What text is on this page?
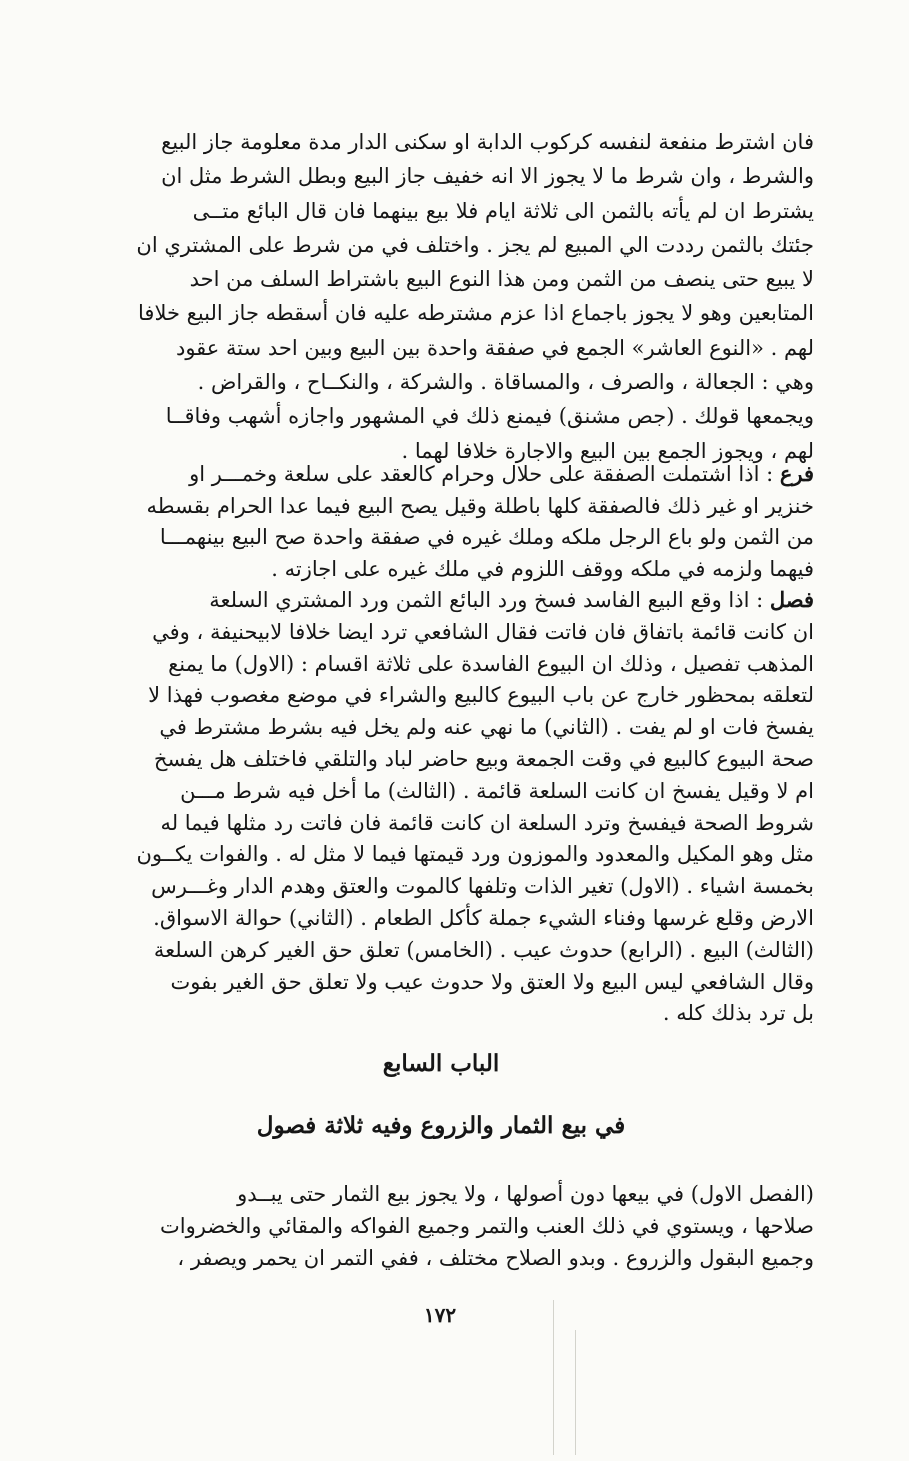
فان اشترط منفعة لنفسه كركوب الدابة او سكنى الدار مدة معلومة جاز البيع
والشرط ، وان شرط ما لا يجوز الا انه خفيف جاز البيع وبطل الشرط مثل ان
يشترط ان لم يأته بالثمن الى ثلاثة ايام فلا بيع بينهما فان قال البائع متــى
جئتك بالثمن رددت الي المبيع لم يجز . واختلف في من شرط على المشتري ان
لا يبيع حتى ينصف من الثمن ومن هذا النوع البيع باشتراط السلف من احد
المتابعين وهو لا يجوز باجماع اذا عزم مشترطه عليه فان أسقطه جاز البيع خلافا
لهم . «النوع العاشر» الجمع في صفقة واحدة بين البيع وبين احد ستة عقود
وهي : الجعالة ، والصرف ، والمساقاة . والشركة ، والنكــاح ، والقراض .
ويجمعها قولك . (جص مشنق) فيمنع ذلك في المشهور واجازه أشهب وفاقــا
لهم ، ويجوز الجمع بين البيع والاجارة خلافا لهما .
فرع : اذا اشتملت الصفقة على حلال وحرام كالعقد على سلعة وخمـــر او
خنزير او غير ذلك فالصفقة كلها باطلة وقيل يصح البيع فيما عدا الحرام بقسطه
من الثمن ولو باع الرجل ملكه وملك غيره في صفقة واحدة صح البيع بينهمـــا
فيهما ولزمه في ملكه ووقف اللزوم في ملك غيره على اجازته .
فصل : اذا وقع البيع الفاسد فسخ ورد البائع الثمن ورد المشتري السلعة
ان كانت قائمة باتفاق فان فاتت فقال الشافعي ترد ايضا خلافا لابيحنيفة ، وفي
المذهب تفصيل ، وذلك ان البيوع الفاسدة على ثلاثة اقسام : (الاول) ما يمنع
لتعلقه بمحظور خارج عن باب البيوع كالبيع والشراء في موضع مغصوب فهذا لا
يفسخ فات او لم يفت . (الثاني) ما نهي عنه ولم يخل فيه بشرط مشترط في
صحة البيوع كالبيع في وقت الجمعة وبيع حاضر لباد والتلقي فاختلف هل يفسخ
ام لا وقيل يفسخ ان كانت السلعة قائمة . (الثالث) ما أخل فيه شرط مـــن
شروط الصحة فيفسخ وترد السلعة ان كانت قائمة فان فاتت رد مثلها فيما له
مثل وهو المكيل والمعدود والموزون ورد قيمتها فيما لا مثل له . والفوات يكــون
بخمسة اشياء . (الاول) تغير الذات وتلفها كالموت والعتق وهدم الدار وغـــرس
الارض وقلع غرسها وفناء الشيء جملة كأكل الطعام . (الثاني) حوالة الاسواق.
(الثالث) البيع . (الرابع) حدوث عيب . (الخامس) تعلق حق الغير كرهن السلعة
وقال الشافعي ليس البيع ولا العتق ولا حدوث عيب ولا تعلق حق الغير بفوت
بل ترد بذلك كله .
الباب السابع
في بيع الثمار والزروع وفيه ثلاثة فصول
(الفصل الاول) في بيعها دون أصولها ، ولا يجوز بيع الثمار حتى يبــدو
صلاحها ، ويستوي في ذلك العنب والتمر وجميع الفواكه والمقائي والخضروات
وجميع البقول والزروع . وبدو الصلاح مختلف ، ففي التمر ان يحمر ويصفر ،
١٧٢
